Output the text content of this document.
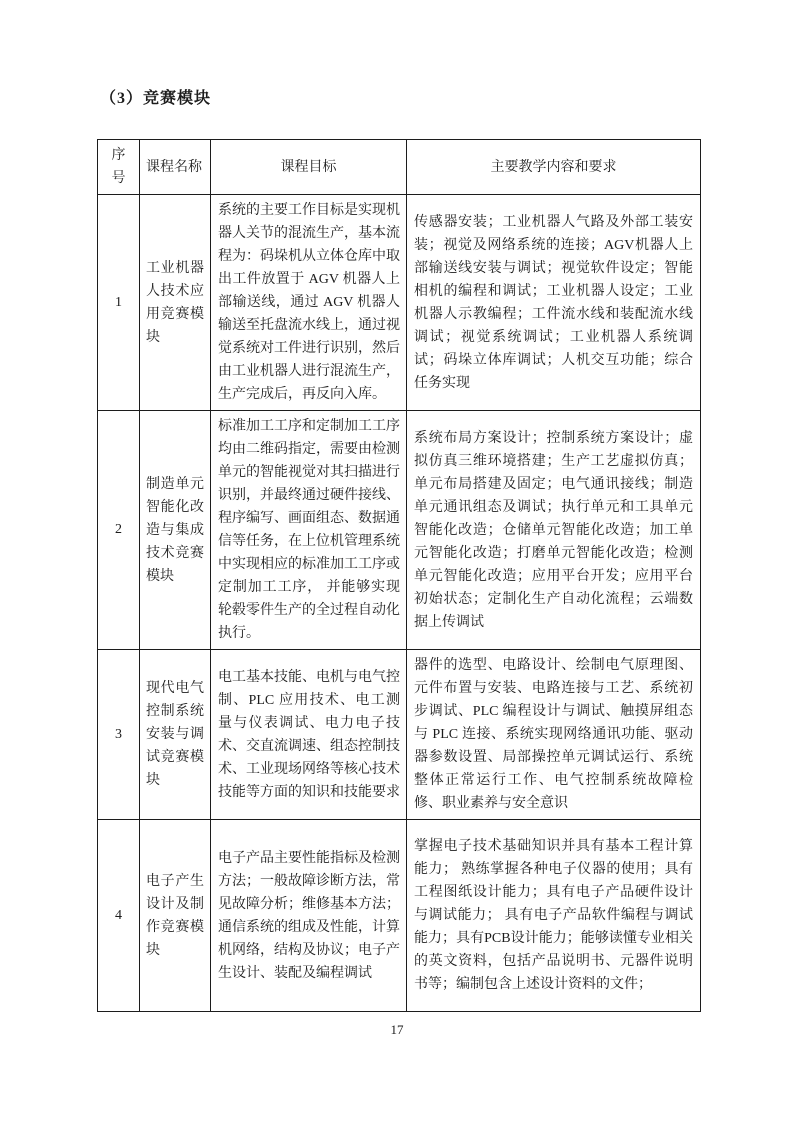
（3）竞赛模块
序号	课程名称	课程目标	主要教学内容和要求
1	工业机器人技术应用竞赛模块	系统的主要工作目标是实现机器人关节的混流生产，基本流程为：码垛机从立体仓库中取出工件放置于 AGV 机器人上部输送线，通过 AGV 机器人输送至托盘流水线上，通过视觉系统对工件进行识别，然后由工业机器人进行混流生产，生产完成后，再反向入库。	传感器安装；工业机器人气路及外部工装安装；视觉及网络系统的连接；AGV机器人上部输送线安装与调试；视觉软件设定；智能相机的编程和调试；工业机器人设定；工业机器人示教编程；工件流水线和装配流水线调试；视觉系统调试；工业机器人系统调试；码垛立体库调试；人机交互功能；综合任务实现
2	制造单元智能化改造与集成技术竞赛模块	标准加工工序和定制加工工序均由二维码指定，需要由检测单元的智能视觉对其扫描进行识别，并最终通过硬件接线、程序编写、画面组态、数据通信等任务，在上位机管理系统中实现相应的标准加工工序或定制加工工序， 并能够实现轮毂零件生产的全过程自动化执行。	系统布局方案设计；控制系统方案设计；虚拟仿真三维环境搭建；生产工艺虚拟仿真；单元布局搭建及固定；电气通讯接线；制造单元通讯组态及调试；执行单元和工具单元智能化改造；仓储单元智能化改造；加工单元智能化改造；打磨单元智能化改造；检测单元智能化改造；应用平台开发；应用平台初始状态；定制化生产自动化流程；云端数据上传调试
3	现代电气控制系统安装与调试竞赛模块	电工基本技能、电机与电气控制、PLC 应用技术、电工测量与仪表调试、电力电子技术、交直流调速、组态控制技术、工业现场网络等核心技术技能等方面的知识和技能要求	器件的选型、电路设计、绘制电气原理图、元件布置与安装、电路连接与工艺、系统初步调试、PLC 编程设计与调试、触摸屏组态与 PLC 连接、系统实现网络通讯功能、驱动器参数设置、局部操控单元调试运行、系统整体正常运行工作、电气控制系统故障检修、职业素养与安全意识
4	电子产生设计及制作竞赛模块	电子产品主要性能指标及检测方法；一般故障诊断方法，常见故障分析；维修基本方法；通信系统的组成及性能，计算机网络，结构及协议；电子产生设计、装配及编程调试	掌握电子技术基础知识并具有基本工程计算能力； 熟练掌握各种电子仪器的使用；具有工程图纸设计能力；具有电子产品硬件设计与调试能力； 具有电子产品软件编程与调试能力；具有PCB设计能力；能够读懂专业相关的英文资料，包括产品说明书、元器件说明书等；编制包含上述设计资料的文件；
17
